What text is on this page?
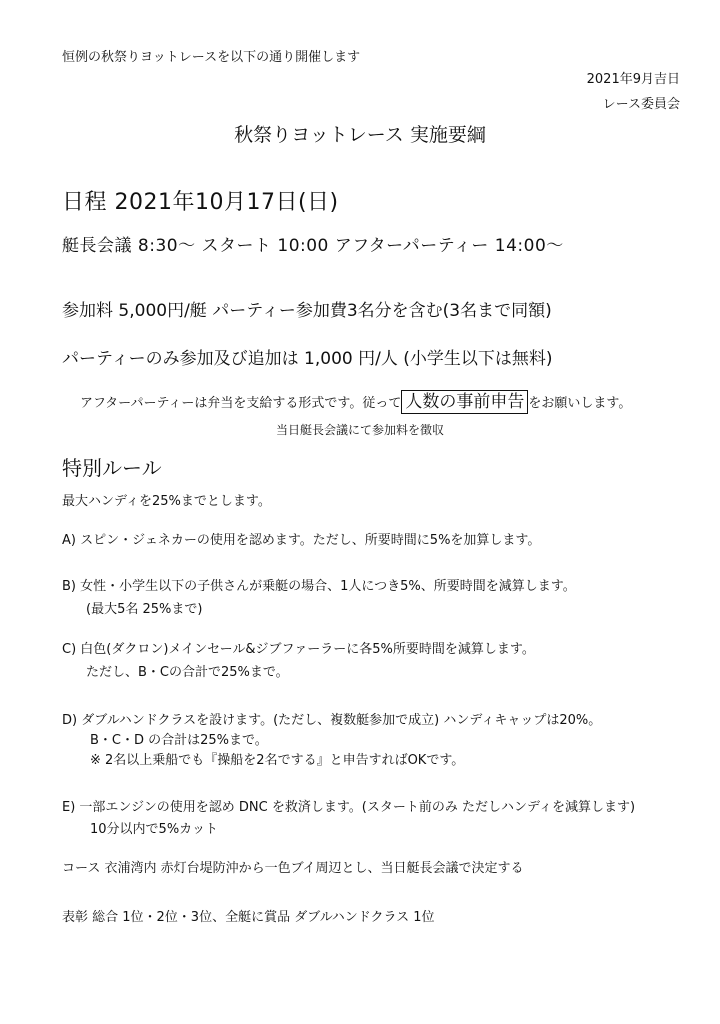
恒例の秋祭りヨットレースを以下の通り開催します
2021年9月吉日
レース委員会
秋祭りヨットレース 実施要綱
日程 2021年10月17日(日)
艇長会議 8:30〜 スタート 10:00 アフターパーティー 14:00〜
参加料 5,000円/艇 パーティー参加費3名分を含む(3名まで同額)
パーティーのみ参加及び追加は 1,000 円/人 (小学生以下は無料)
アフターパーティーは弁当を支給する形式です。従って 人数の事前申告 をお願いします。
当日艇長会議にて参加料を徴収
特別ルール
最大ハンディを25%までとします。
A) スピン・ジェネカーの使用を認めます。ただし、所要時間に5%を加算します。
B) 女性・小学生以下の子供さんが乗艇の場合、1人につき5%、所要時間を減算します。
(最大5名 25%まで)
C) 白色(ダクロン)メインセール&ジブファーラーに各5%所要時間を減算します。
ただし、B・Cの合計で25%まで。
D) ダブルハンドクラスを設けます。(ただし、複数艇参加で成立) ハンディキャップは20%。
B・C・D の合計は25%まで。
※ 2名以上乗船でも『操船を2名でする』と申告すればOKです。
E) 一部エンジンの使用を認め DNC を救済します。(スタート前のみ ただしハンディを減算します)
10分以内で5%カット
コース 衣浦湾内 赤灯台堤防沖から一色ブイ周辺とし、当日艇長会議で決定する
表彰 総合 1位・2位・3位、全艇に賞品 ダブルハンドクラス 1位
